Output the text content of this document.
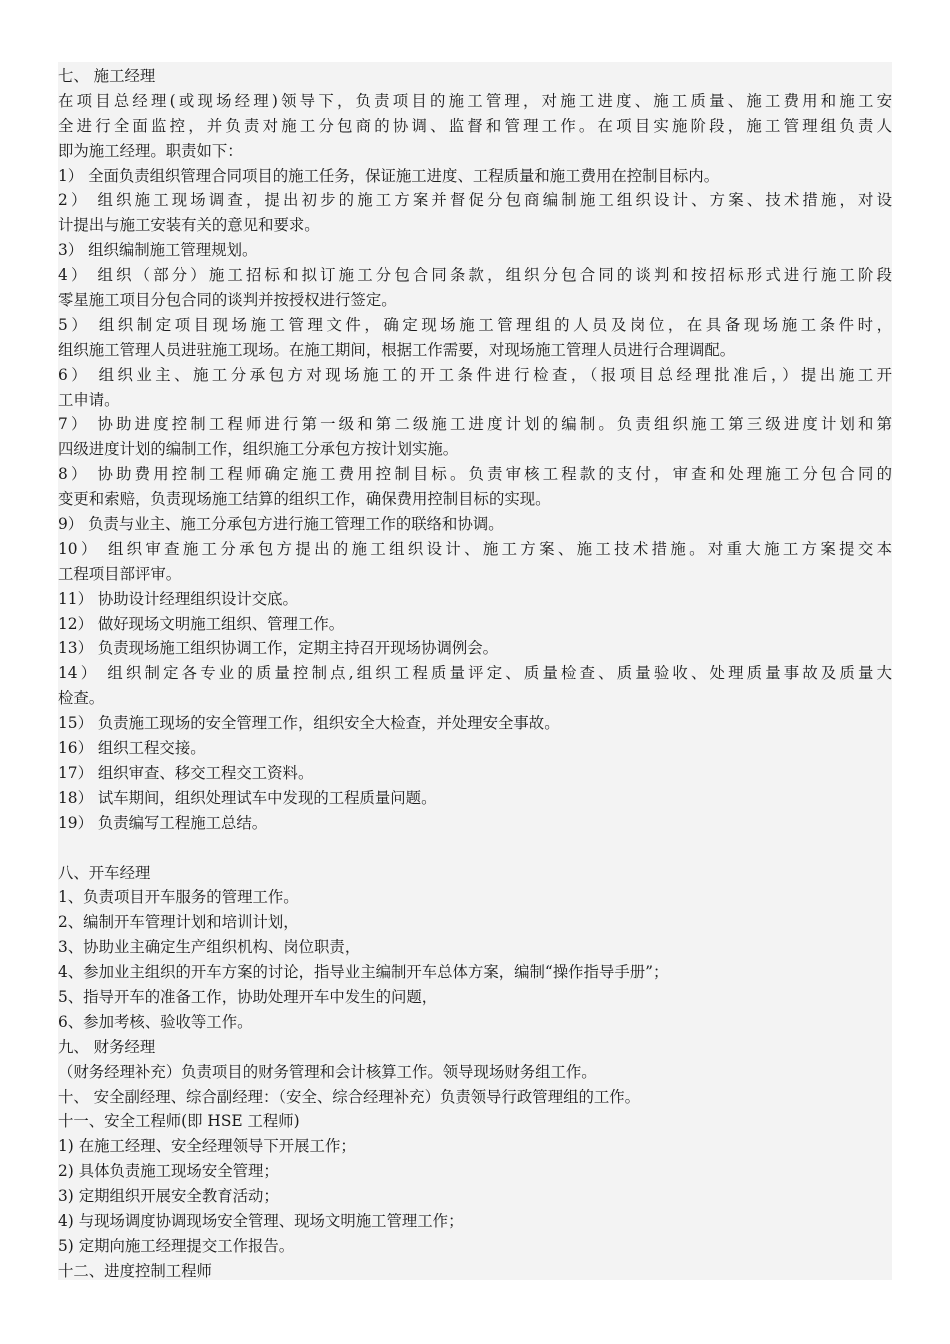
七、 施工经理
在项目总经理(或现场经理)领导下，负责项目的施工管理，对施工进度、施工质量、施工费用和施工安
全进行全面监控，并负责对施工分包商的协调、监督和管理工作。在项目实施阶段，施工管理组负责人
即为施工经理。职责如下：
1） 全面负责组织管理合同项目的施工任务，保证施工进度、工程质量和施工费用在控制目标内。
2） 组织施工现场调查，提出初步的施工方案并督促分包商编制施工组织设计、方案、技术措施，对设
计提出与施工安装有关的意见和要求。
3） 组织编制施工管理规划。
4） 组织（部分）施工招标和拟订施工分包合同条款，组织分包合同的谈判和按招标形式进行施工阶段
零星施工项目分包合同的谈判并按授权进行签定。
5） 组织制定项目现场施工管理文件，确定现场施工管理组的人员及岗位，在具备现场施工条件时，
组织施工管理人员进驻施工现场。在施工期间，根据工作需要，对现场施工管理人员进行合理调配。
6） 组织业主、施工分承包方对现场施工的开工条件进行检查，（报项目总经理批准后，）提出施工开
工申请。
7） 协助进度控制工程师进行第一级和第二级施工进度计划的编制。负责组织施工第三级进度计划和第
四级进度计划的编制工作，组织施工分承包方按计划实施。
8） 协助费用控制工程师确定施工费用控制目标。负责审核工程款的支付，审查和处理施工分包合同的
变更和索赔，负责现场施工结算的组织工作，确保费用控制目标的实现。
9） 负责与业主、施工分承包方进行施工管理工作的联络和协调。
10） 组织审查施工分承包方提出的施工组织设计、施工方案、施工技术措施。对重大施工方案提交本
工程项目部评审。
11） 协助设计经理组织设计交底。
12） 做好现场文明施工组织、管理工作。
13） 负责现场施工组织协调工作，定期主持召开现场协调例会。
14） 组织制定各专业的质量控制点,组织工程质量评定、质量检查、质量验收、处理质量事故及质量大
检查。
15） 负责施工现场的安全管理工作，组织安全大检查，并处理安全事故。
16） 组织工程交接。
17） 组织审查、移交工程交工资料。
18） 试车期间，组织处理试车中发现的工程质量问题。
19） 负责编写工程施工总结。
八、开车经理
1、负责项目开车服务的管理工作。
2、编制开车管理计划和培训计划，
3、协助业主确定生产组织机构、岗位职责，
4、参加业主组织的开车方案的讨论，指导业主编制开车总体方案，编制“操作指导手册”；
5、指导开车的准备工作，协助处理开车中发生的问题，
6、参加考核、验收等工作。
九、 财务经理
（财务经理补充）负责项目的财务管理和会计核算工作。领导现场财务组工作。
十、 安全副经理、综合副经理：（安全、综合经理补充）负责领导行政管理组的工作。
十一、安全工程师(即 HSE 工程师)
1) 在施工经理、安全经理领导下开展工作；
2) 具体负责施工现场安全管理；
3) 定期组织开展安全教育活动；
4) 与现场调度协调现场安全管理、现场文明施工管理工作；
5) 定期向施工经理提交工作报告。
十二、进度控制工程师
